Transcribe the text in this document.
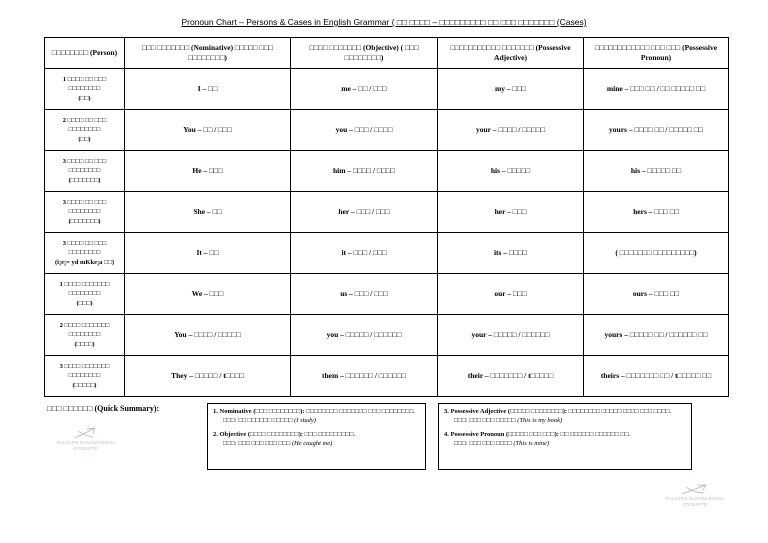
Pronoun Chart – Persons & Cases in English Grammar ( □□ □□□□ – □□□□□□□□□ □□ □□□ □□□□□□□ (Cases)
□□□□□□□□ (Person)	□□□ □□□□□□□ (Nominative) □□□□□ □□□ □□□□□□□□)	□□□□ □□□□□□□ (Objective) ( □□□ □□□□□□□□)	□□□□□□□□□□□ □□□□□□□ (Possessive Adjective)	□□□□□□□□□□□□ □□□ □□□ (Possessive Pronoun)

1 □□□□ □□ □□□
□□□□□□□□
(□□)	I – □□	me – □□ / □□□	my – □□□	mine – □□□ □□ / □□ □□□□□ □□

2 □□□□ □□ □□□
□□□□□□□□
(□□)	You – □□ / □□□	you – □□□ / □□□□	your – □□□□ / □□□□□	yours – □□□□ □□ / □□□□□ □□

3 □□□□ □□ □□□
□□□□□□□□
(□□□□□□□)	He – □□□	him – □□□□ / □□□□	his – □□□□□	his – □□□□□ □□

3 □□□□ □□ □□□
□□□□□□□□
(□□□□□□□)	She – □□	her – □□□ / □□□	her – □□□	hers – □□□ □□

3 □□□□ □□ □□□
□□□□□□□□
(i¡e¡= yd mKke¡a □□)	It – □□	it – □□□ / □□□	its – □□□□	( □□□□□□□ □□□□□□□□□)

1 □□□□ □□□□□□□
□□□□□□□□
(□□□)	We – □□□	us – □□□ / □□□	our – □□□	ours – □□□ □□

2 □□□□ □□□□□□□
□□□□□□□□
(□□□□)	You – □□□□ / □□□□□	you – □□□□□ / □□□□□□	your – □□□□□ / □□□□□□	yours – □□□□□ □□ / □□□□□□ □□

3 □□□□ □□□□□□□
□□□□□□□□
(□□□□□)	They – □□□□□ / t□□□□	them – □□□□□□ / □□□□□□	their – □□□□□□□ / t□□□□□	theirs – □□□□□□□ □□ / t□□□□□ □□
□□□ □□□□□□ (Quick Summary):
PULASTHI GUNAWARDENA
07/03/AFTD

1. Nominative (□□□ □□□□□□□□): □□□□□□□□ □□□□□□□ □□□ □□□□□□□□.
□□□: □□ □□□□□□ □□□□□ (I study)

2. Objective (□□□□ □□□□□□□□): □□□ □□□□□□□□□.
□□□: □□□ □□□ □□□ □□□ (He caught me)

3. Possessive Adjective (□□□□□ □□□□□□□□): □□□□□□□□ □□□□□ □□□□ □□□ □□□□.
□□□: □□□ □□□ □□□□□ (This is my book)

4. Possessive Pronoun (□□□□□ □□□ □□□): □□ □□□□□□ □□□□□□ □□.
□□□: □□□ □□□ □□□□ (This is mine)

PULASTHI GUNAWARDENA
07/03/AFTD
